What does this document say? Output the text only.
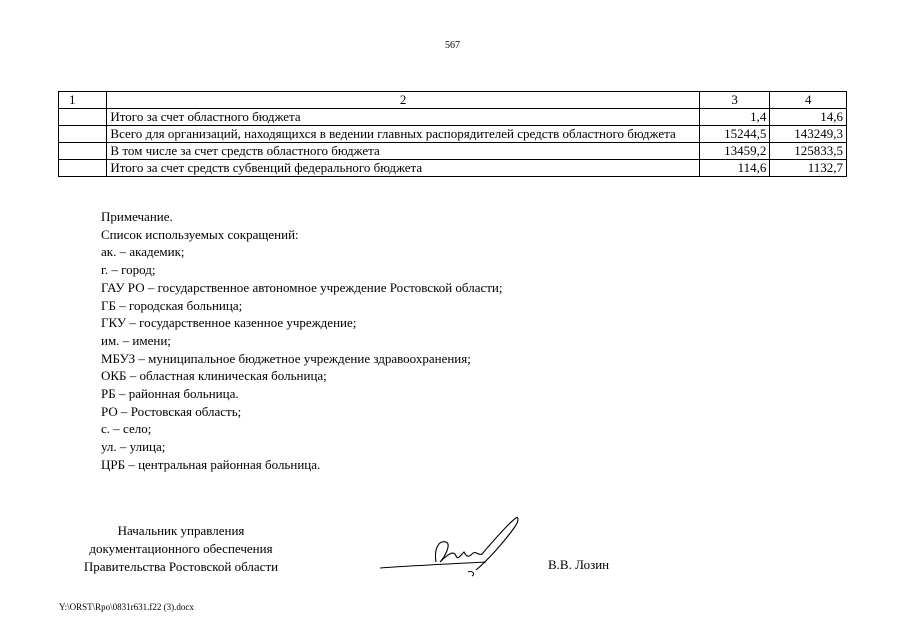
567
1	2	3	4
	Итого за счет областного бюджета	1,4	14,6
	Всего для организаций, находящихся в ведении главных распорядителей средств областного бюджета	15244,5	143249,3
	В том числе за счет средств областного бюджета	13459,2	125833,5
	Итого за счет средств субвенций федерального бюджета	114,6	1132,7
Примечание.
Список используемых сокращений:
ак. – академик;
г. – город;
ГАУ РО – государственное автономное учреждение Ростовской области;
ГБ – городская больница;
ГКУ – государственное казенное учреждение;
им. – имени;
МБУЗ – муниципальное бюджетное учреждение здравоохранения;
ОКБ – областная клиническая больница;
РБ – районная больница.
РО – Ростовская область;
с. – село;
ул. – улица;
ЦРБ – центральная районная больница.
Начальник управления
документационного обеспечения
Правительства Ростовской области	В.В. Лозин
Y:\ORST\Rpo\0831r631.f22 (3).docx
